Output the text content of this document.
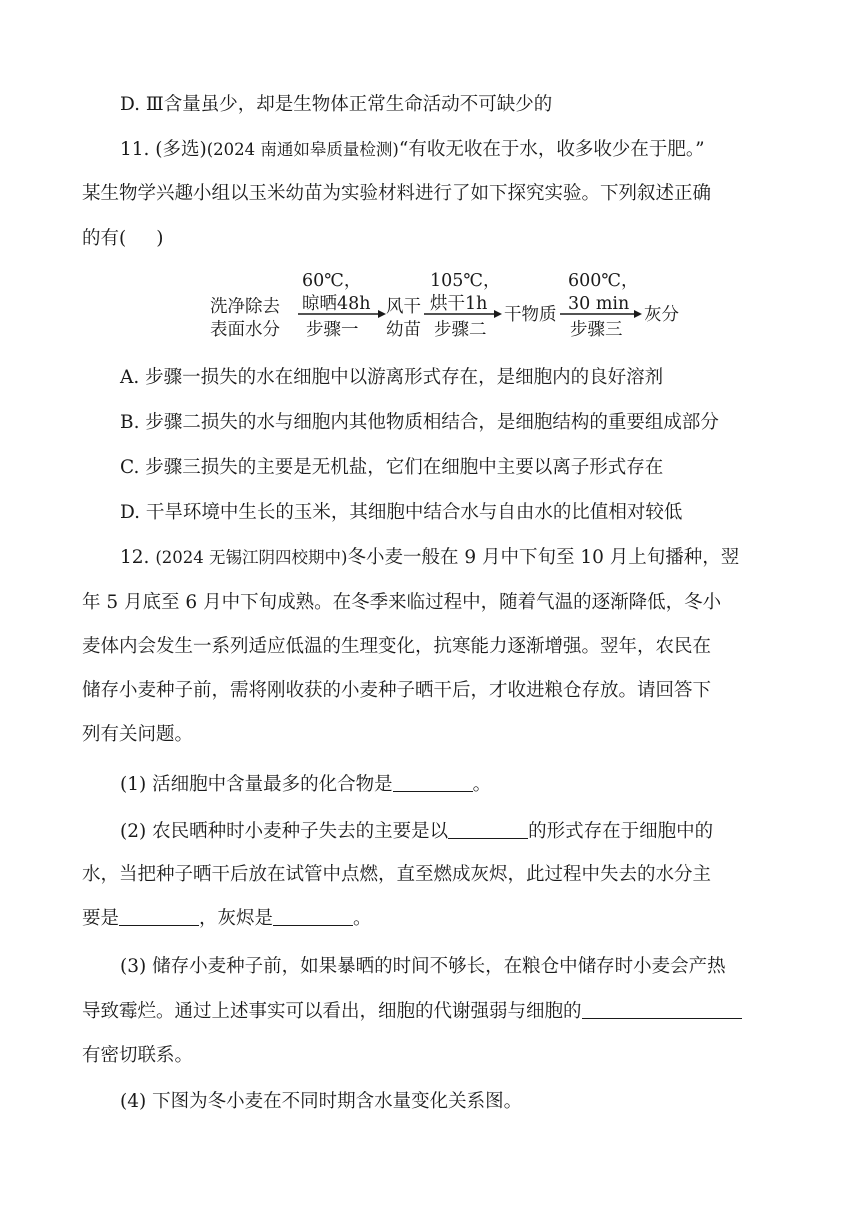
D. Ⅲ含量虽少，却是生物体正常生命活动不可缺少的
11. (多选)(2024 南通如皋质量检测)“有收无收在于水，收多收少在于肥。”
某生物学兴趣小组以玉米幼苗为实验材料进行了如下探究实验。下列叙述正确
的有( )
洗净除去
表面水分
60℃，
晾晒48h
步骤一
风干
幼苗
105℃，
烘干1h
步骤二
干物质
600℃，
30 min
步骤三
灰分
A. 步骤一损失的水在细胞中以游离形式存在，是细胞内的良好溶剂
B. 步骤二损失的水与细胞内其他物质相结合，是细胞结构的重要组成部分
C. 步骤三损失的主要是无机盐，它们在细胞中主要以离子形式存在
D. 干旱环境中生长的玉米，其细胞中结合水与自由水的比值相对较低
12. (2024 无锡江阴四校期中)冬小麦一般在 9 月中下旬至 10 月上旬播种，翌
年 5 月底至 6 月中下旬成熟。在冬季来临过程中，随着气温的逐渐降低，冬小
麦体内会发生一系列适应低温的生理变化，抗寒能力逐渐增强。翌年，农民在
储存小麦种子前，需将刚收获的小麦种子晒干后，才收进粮仓存放。请回答下
列有关问题。
(1) 活细胞中含量最多的化合物是	。
(2) 农民晒种时小麦种子失去的主要是以	的形式存在于细胞中的
水，当把种子晒干后放在试管中点燃，直至燃成灰烬，此过程中失去的水分主
要是	，灰烬是	。
(3) 储存小麦种子前，如果暴晒的时间不够长，在粮仓中储存时小麦会产热
导致霉烂。通过上述事实可以看出，细胞的代谢强弱与细胞的
有密切联系。
(4) 下图为冬小麦在不同时期含水量变化关系图。
